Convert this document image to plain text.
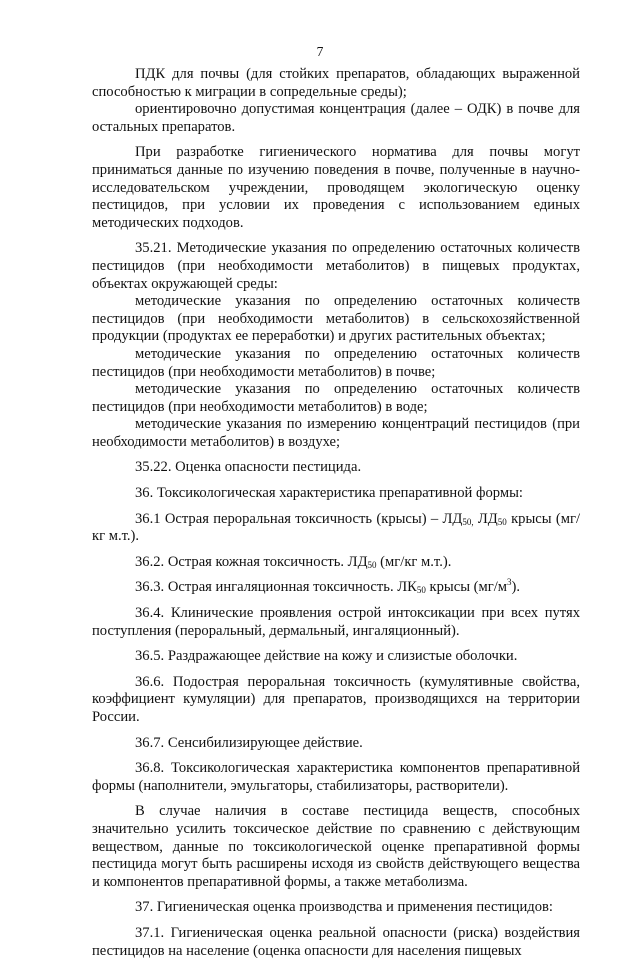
7

ПДК для почвы (для стойких препаратов, обладающих выраженной способностью к миграции в сопредельные среды);

ориентировочно допустимая концентрация (далее – ОДК) в почве для остальных препаратов.

При разработке гигиенического норматива для почвы могут приниматься данные по изучению поведения в почве, полученные в научно-исследовательском учреждении, проводящем экологическую оценку пестицидов, при условии их проведения с использованием единых методических подходов.

35.21. Методические указания по определению остаточных количеств пестицидов (при необходимости метаболитов) в пищевых продуктах, объектах окружающей среды:

методические указания по определению остаточных количеств пестицидов (при необходимости метаболитов) в сельскохозяйственной продукции (продуктах ее переработки) и других растительных объектах;

методические указания по определению остаточных количеств пестицидов (при необходимости метаболитов) в почве;

методические указания по определению остаточных количеств пестицидов (при необходимости метаболитов) в воде;

методические указания по измерению концентраций пестицидов (при необходимости метаболитов) в воздухе;

35.22. Оценка опасности пестицида.

36. Токсикологическая характеристика препаративной формы:

36.1 Острая пероральная токсичность (крысы) – $ЛД_{50,}$ $ЛД_{50}$ крысы (мг/кг м.т.).

36.2. Острая кожная токсичность. $ЛД_{50}$ (мг/кг м.т.).

36.3. Острая ингаляционная токсичность. $ЛК_{50}$ крысы $(мг/м^3)$.

36.4. Клинические проявления острой интоксикации при всех путях поступления (пероральный, дермальный, ингаляционный).

36.5. Раздражающее действие на кожу и слизистые оболочки.

36.6. Подострая пероральная токсичность (кумулятивные свойства, коэффициент кумуляции) для препаратов, производящихся на территории России.

36.7. Сенсибилизирующее действие.

36.8. Токсикологическая характеристика компонентов препаративной формы (наполнители, эмульгаторы, стабилизаторы, растворители).

В случае наличия в составе пестицида веществ, способных значительно усилить токсическое действие по сравнению с действующим веществом, данные по токсикологической оценке препаративной формы пестицида могут быть расширены исходя из свойств действующего вещества и компонентов препаративной формы, а также метаболизма.

37. Гигиеническая оценка производства и применения пестицидов:

37.1. Гигиеническая оценка реальной опасности (риска) воздействия пестицидов на население (оценка опасности для населения пищевых
